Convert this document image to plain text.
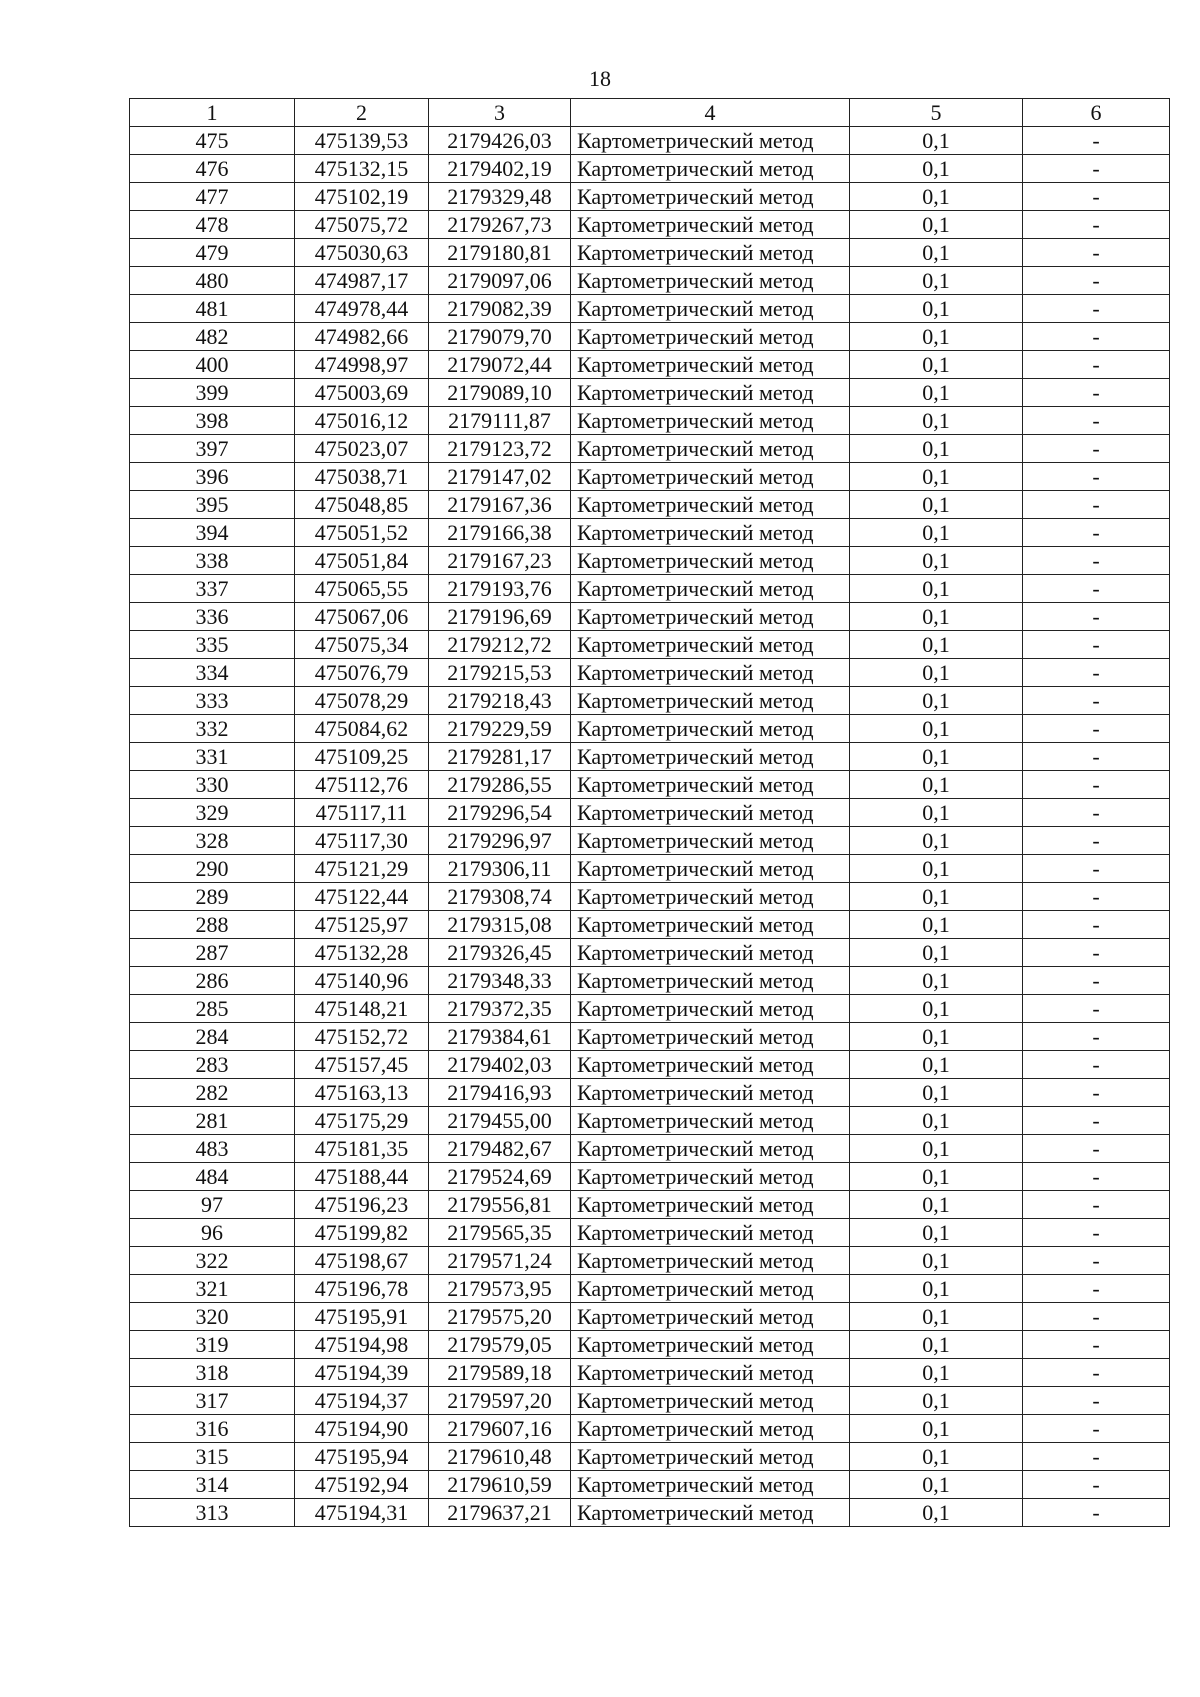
18
1	2	3	4	5	6
475	475139,53	2179426,03	Картометрический метод	0,1	-
476	475132,15	2179402,19	Картометрический метод	0,1	-
477	475102,19	2179329,48	Картометрический метод	0,1	-
478	475075,72	2179267,73	Картометрический метод	0,1	-
479	475030,63	2179180,81	Картометрический метод	0,1	-
480	474987,17	2179097,06	Картометрический метод	0,1	-
481	474978,44	2179082,39	Картометрический метод	0,1	-
482	474982,66	2179079,70	Картометрический метод	0,1	-
400	474998,97	2179072,44	Картометрический метод	0,1	-
399	475003,69	2179089,10	Картометрический метод	0,1	-
398	475016,12	2179111,87	Картометрический метод	0,1	-
397	475023,07	2179123,72	Картометрический метод	0,1	-
396	475038,71	2179147,02	Картометрический метод	0,1	-
395	475048,85	2179167,36	Картометрический метод	0,1	-
394	475051,52	2179166,38	Картометрический метод	0,1	-
338	475051,84	2179167,23	Картометрический метод	0,1	-
337	475065,55	2179193,76	Картометрический метод	0,1	-
336	475067,06	2179196,69	Картометрический метод	0,1	-
335	475075,34	2179212,72	Картометрический метод	0,1	-
334	475076,79	2179215,53	Картометрический метод	0,1	-
333	475078,29	2179218,43	Картометрический метод	0,1	-
332	475084,62	2179229,59	Картометрический метод	0,1	-
331	475109,25	2179281,17	Картометрический метод	0,1	-
330	475112,76	2179286,55	Картометрический метод	0,1	-
329	475117,11	2179296,54	Картометрический метод	0,1	-
328	475117,30	2179296,97	Картометрический метод	0,1	-
290	475121,29	2179306,11	Картометрический метод	0,1	-
289	475122,44	2179308,74	Картометрический метод	0,1	-
288	475125,97	2179315,08	Картометрический метод	0,1	-
287	475132,28	2179326,45	Картометрический метод	0,1	-
286	475140,96	2179348,33	Картометрический метод	0,1	-
285	475148,21	2179372,35	Картометрический метод	0,1	-
284	475152,72	2179384,61	Картометрический метод	0,1	-
283	475157,45	2179402,03	Картометрический метод	0,1	-
282	475163,13	2179416,93	Картометрический метод	0,1	-
281	475175,29	2179455,00	Картометрический метод	0,1	-
483	475181,35	2179482,67	Картометрический метод	0,1	-
484	475188,44	2179524,69	Картометрический метод	0,1	-
97	475196,23	2179556,81	Картометрический метод	0,1	-
96	475199,82	2179565,35	Картометрический метод	0,1	-
322	475198,67	2179571,24	Картометрический метод	0,1	-
321	475196,78	2179573,95	Картометрический метод	0,1	-
320	475195,91	2179575,20	Картометрический метод	0,1	-
319	475194,98	2179579,05	Картометрический метод	0,1	-
318	475194,39	2179589,18	Картометрический метод	0,1	-
317	475194,37	2179597,20	Картометрический метод	0,1	-
316	475194,90	2179607,16	Картометрический метод	0,1	-
315	475195,94	2179610,48	Картометрический метод	0,1	-
314	475192,94	2179610,59	Картометрический метод	0,1	-
313	475194,31	2179637,21	Картометрический метод	0,1	-
